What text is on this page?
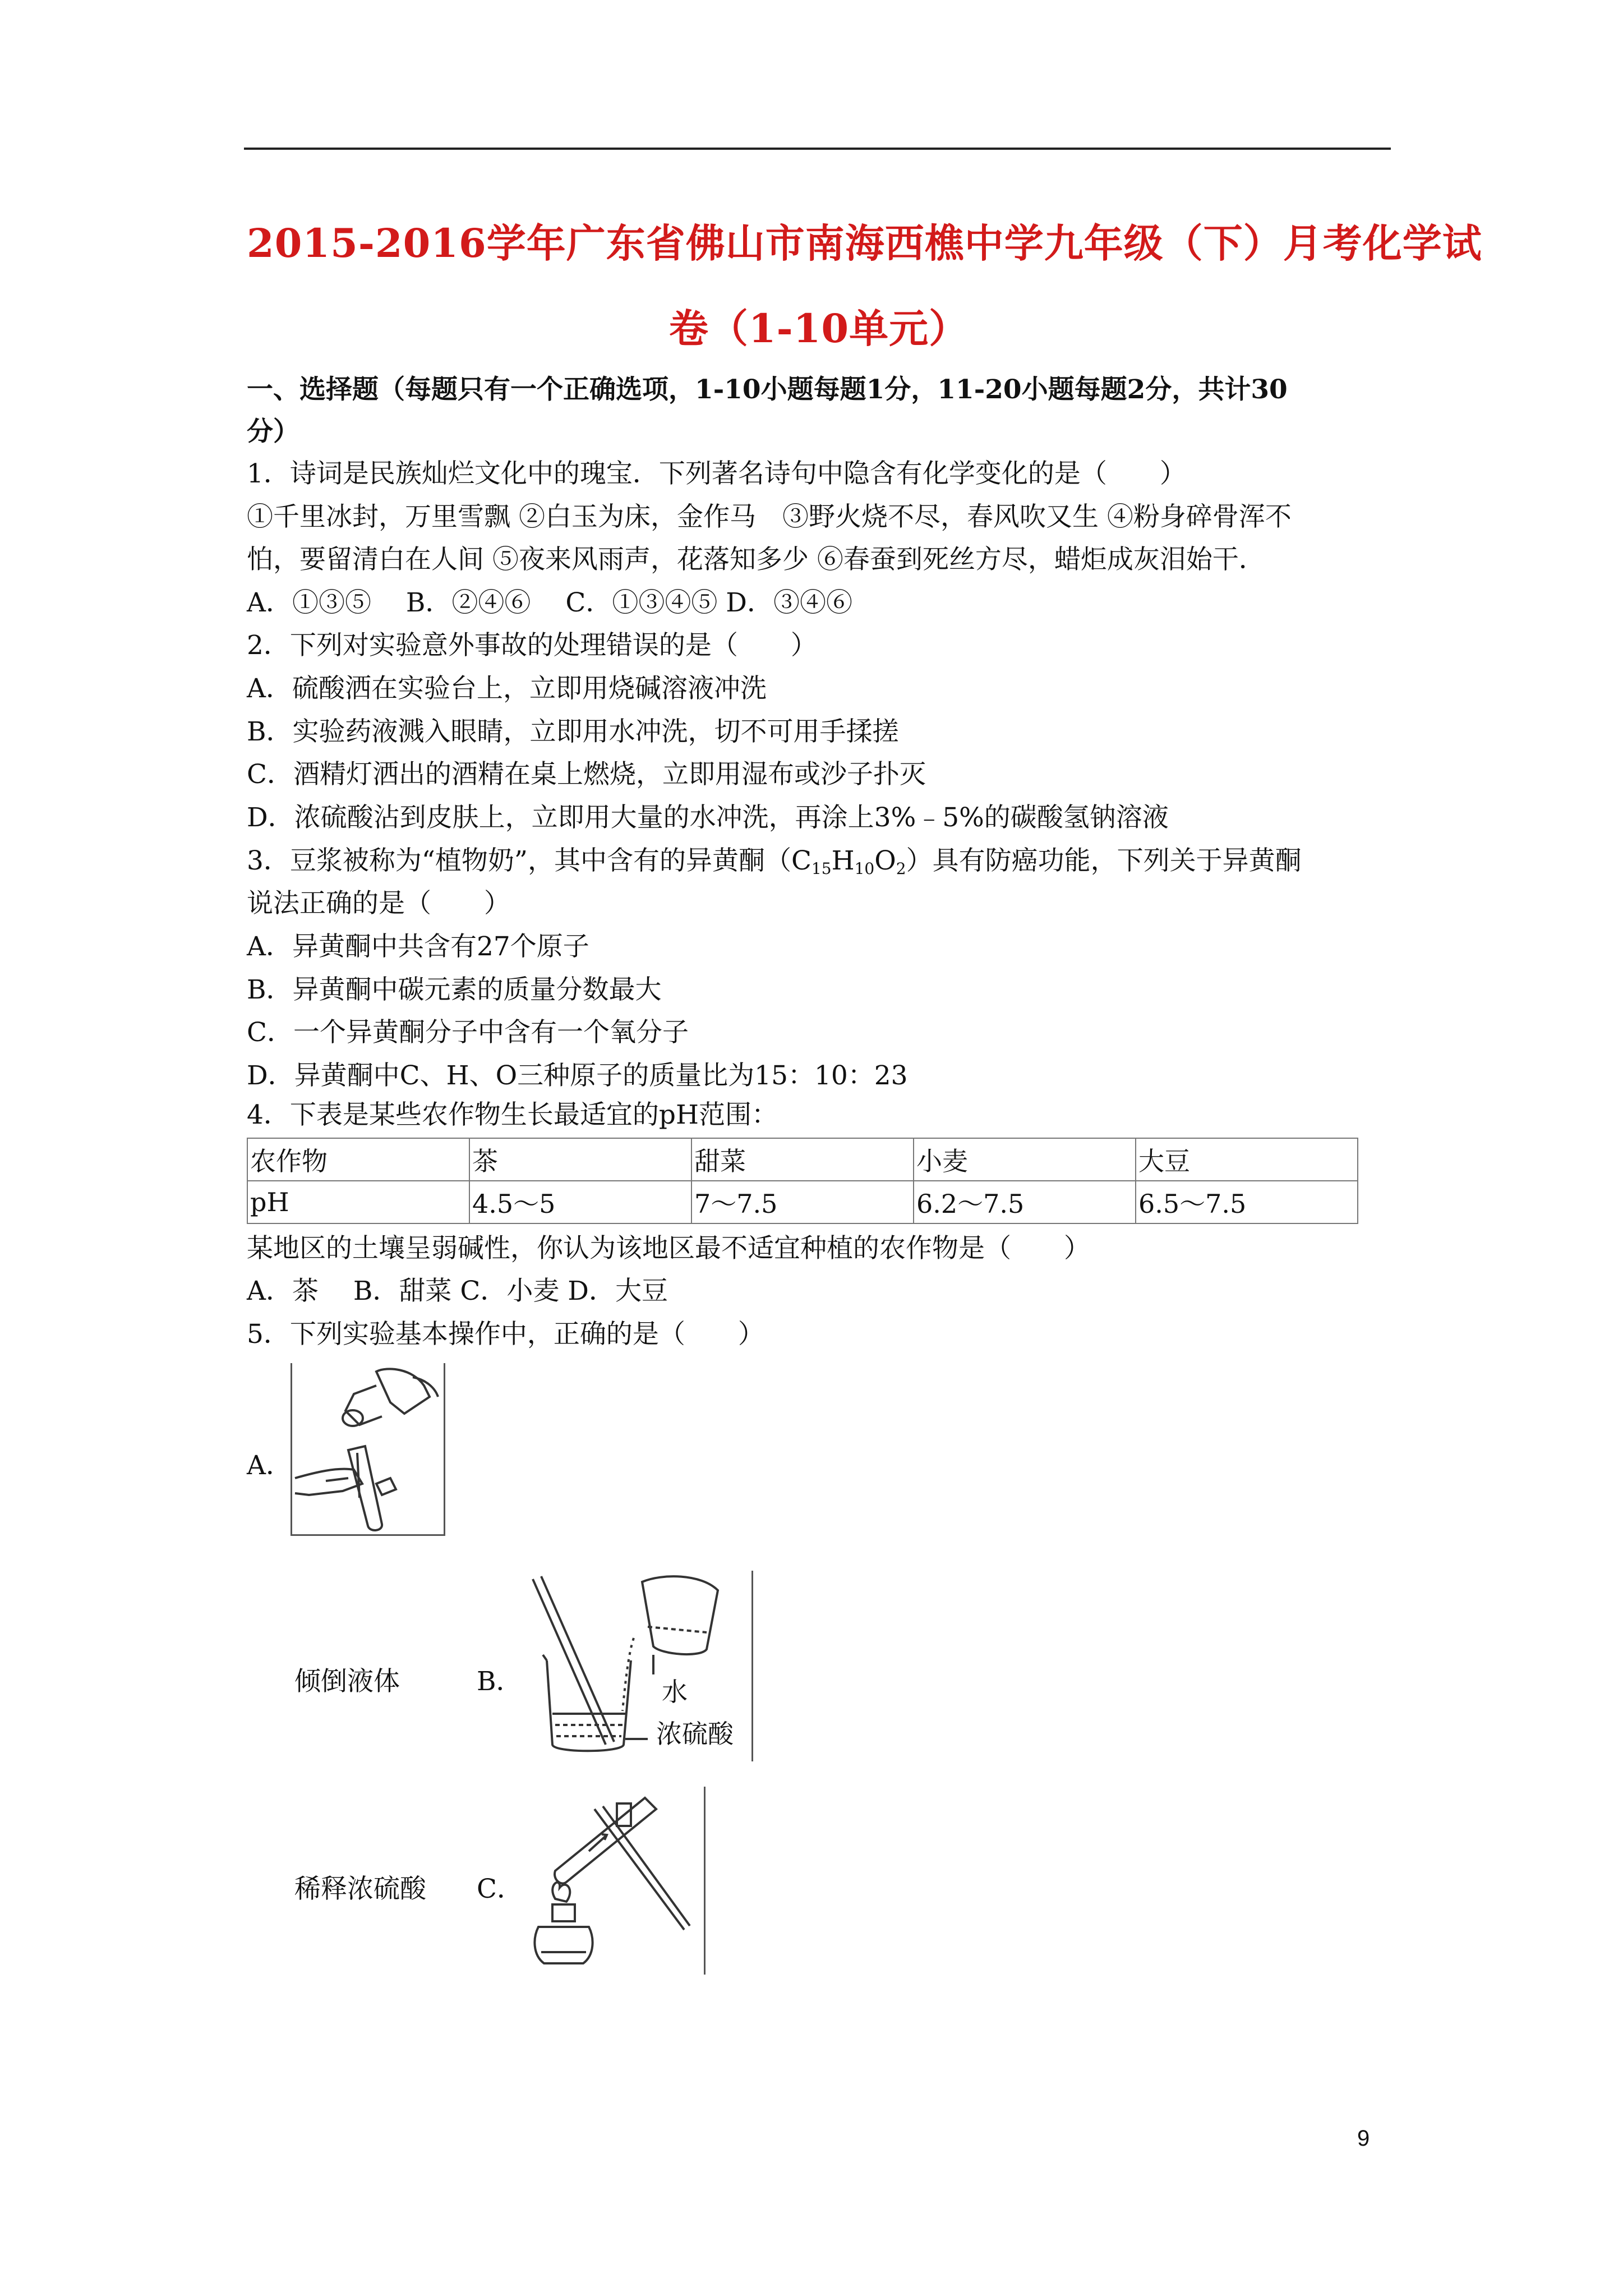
2015-2016学年广东省佛山市南海西樵中学九年级（下）月考化学试
卷（1-10单元）
一、选择题（每题只有一个正确选项，1-10小题每题1分，11-20小题每题2分，共计30
分）
1．诗词是民族灿烂文化中的瑰宝．下列著名诗句中隐含有化学变化的是（　　）
①千里冰封，万里雪飘 ②白玉为床，金作马　③野火烧不尽，春风吹又生 ④粉身碎骨浑不
怕，要留清白在人间 ⑤夜来风雨声，花落知多少 ⑥春蚕到死丝方尽，蜡炬成灰泪始干．
A．①③⑤　 B．②④⑥　 C．①③④⑤ D．③④⑥
2．下列对实验意外事故的处理错误的是（　　）
A．硫酸洒在实验台上，立即用烧碱溶液冲洗
B．实验药液溅入眼睛，立即用水冲洗，切不可用手揉搓
C．酒精灯洒出的酒精在桌上燃烧，立即用湿布或沙子扑灭
D．浓硫酸沾到皮肤上，立即用大量的水冲洗，再涂上3%﹣5%的碳酸氢钠溶液
3．豆浆被称为“植物奶”，其中含有的异黄酮$(C_{15}H_{10}O_2)$具有防癌功能，下列关于异黄酮
说法正确的是（　　）
A．异黄酮中共含有27个原子
B．异黄酮中碳元素的质量分数最大
C．一个异黄酮分子中含有一个氧分子
D．异黄酮中C、H、O三种原子的质量比为15：10：23
4．下表是某些农作物生长最适宜的pH范围：
农作物	茶	甜菜	小麦	大豆
pH	4.5～5	7～7.5	6.2～7.5	6.5～7.5
某地区的土壤呈弱碱性，你认为该地区最不适宜种植的农作物是（　　）
A．茶　 B．甜菜 C．小麦 D．大豆
5．下列实验基本操作中，正确的是（　　）
A．
倾倒液体	B．	水
浓硫酸
稀释浓硫酸 C．
9
